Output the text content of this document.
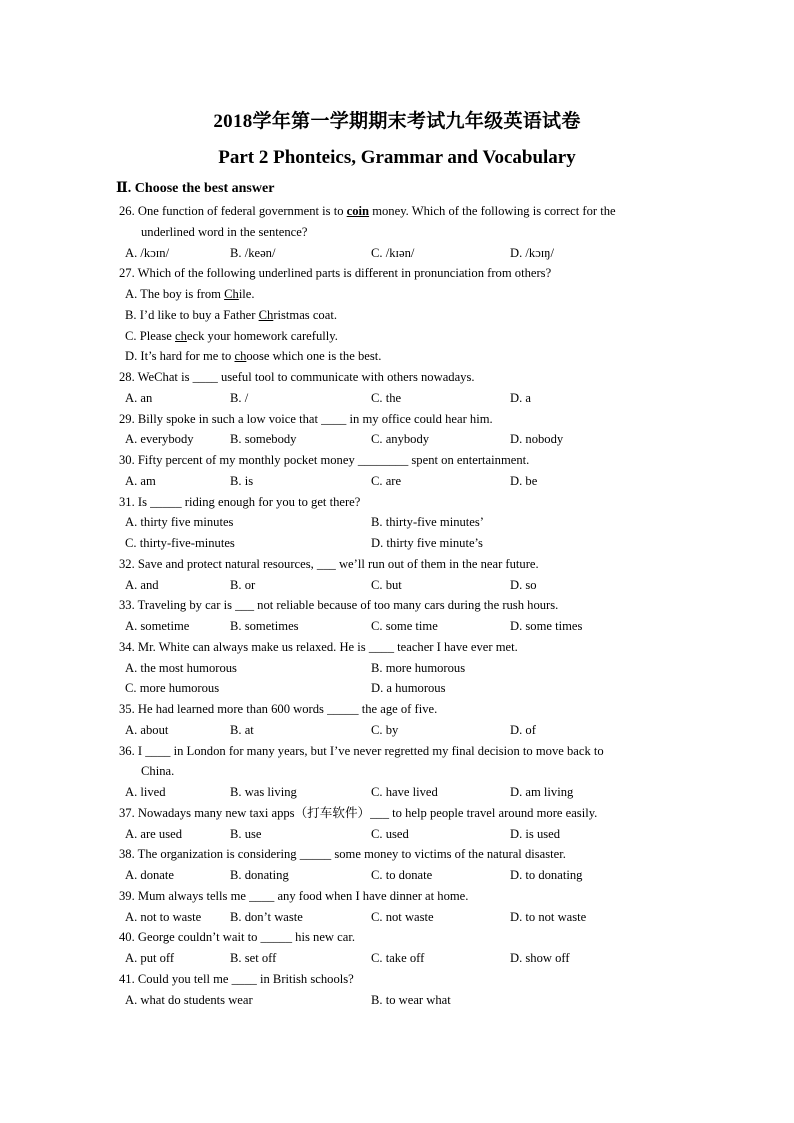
2018学年第一学期期末考试九年级英语试卷
Part 2 Phonteics, Grammar and Vocabulary
Ⅱ. Choose the best answer
26. One function of federal government is to coin money. Which of the following is correct for the
underlined word in the sentence?
A. /kɔɪn/	B. /keən/	C. /kɪən/	D. /kɔɪŋ/
27. Which of the following underlined parts is different in pronunciation from others?
A. The boy is from Chile.
B. I’d like to buy a Father Christmas coat.
C. Please check your homework carefully.
D. It’s hard for me to choose which one is the best.
28. WeChat is ____ useful tool to communicate with others nowadays.
A. an	B. /	C. the	D. a
29. Billy spoke in such a low voice that ____ in my office could hear him.
A. everybody	B. somebody	C. anybody	D. nobody
30. Fifty percent of my monthly pocket money ________ spent on entertainment.
A. am	B. is	C. are	D. be
31. Is _____ riding enough for you to get there?
A. thirty five minutes	B. thirty-five minutes’
C. thirty-five-minutes	D. thirty five minute’s
32. Save and protect natural resources, ___ we’ll run out of them in the near future.
A. and	B. or	C. but	D. so
33. Traveling by car is ___ not reliable because of too many cars during the rush hours.
A. sometime	B. sometimes	C. some time	D. some times
34. Mr. White can always make us relaxed. He is ____ teacher I have ever met.
A. the most humorous	B. more humorous
C. more humorous	D. a humorous
35. He had learned more than 600 words _____ the age of five.
A. about	B. at	C. by	D. of
36. I ____ in London for many years, but I’ve never regretted my final decision to move back to
China.
A. lived	B. was living	C. have lived	D. am living
37. Nowadays many new taxi apps（打车软件）___ to help people travel around more easily.
A. are used	B. use	C. used	D. is used
38. The organization is considering _____ some money to victims of the natural disaster.
A. donate	B. donating	C. to donate	D. to donating
39. Mum always tells me ____ any food when I have dinner at home.
A. not to waste B. don’t waste	C. not waste	D. to not waste
40. George couldn’t wait to _____ his new car.
A. put off	B. set off	C. take off	D. show off
41. Could you tell me ____ in British schools?
A. what do students wear	B. to wear what
